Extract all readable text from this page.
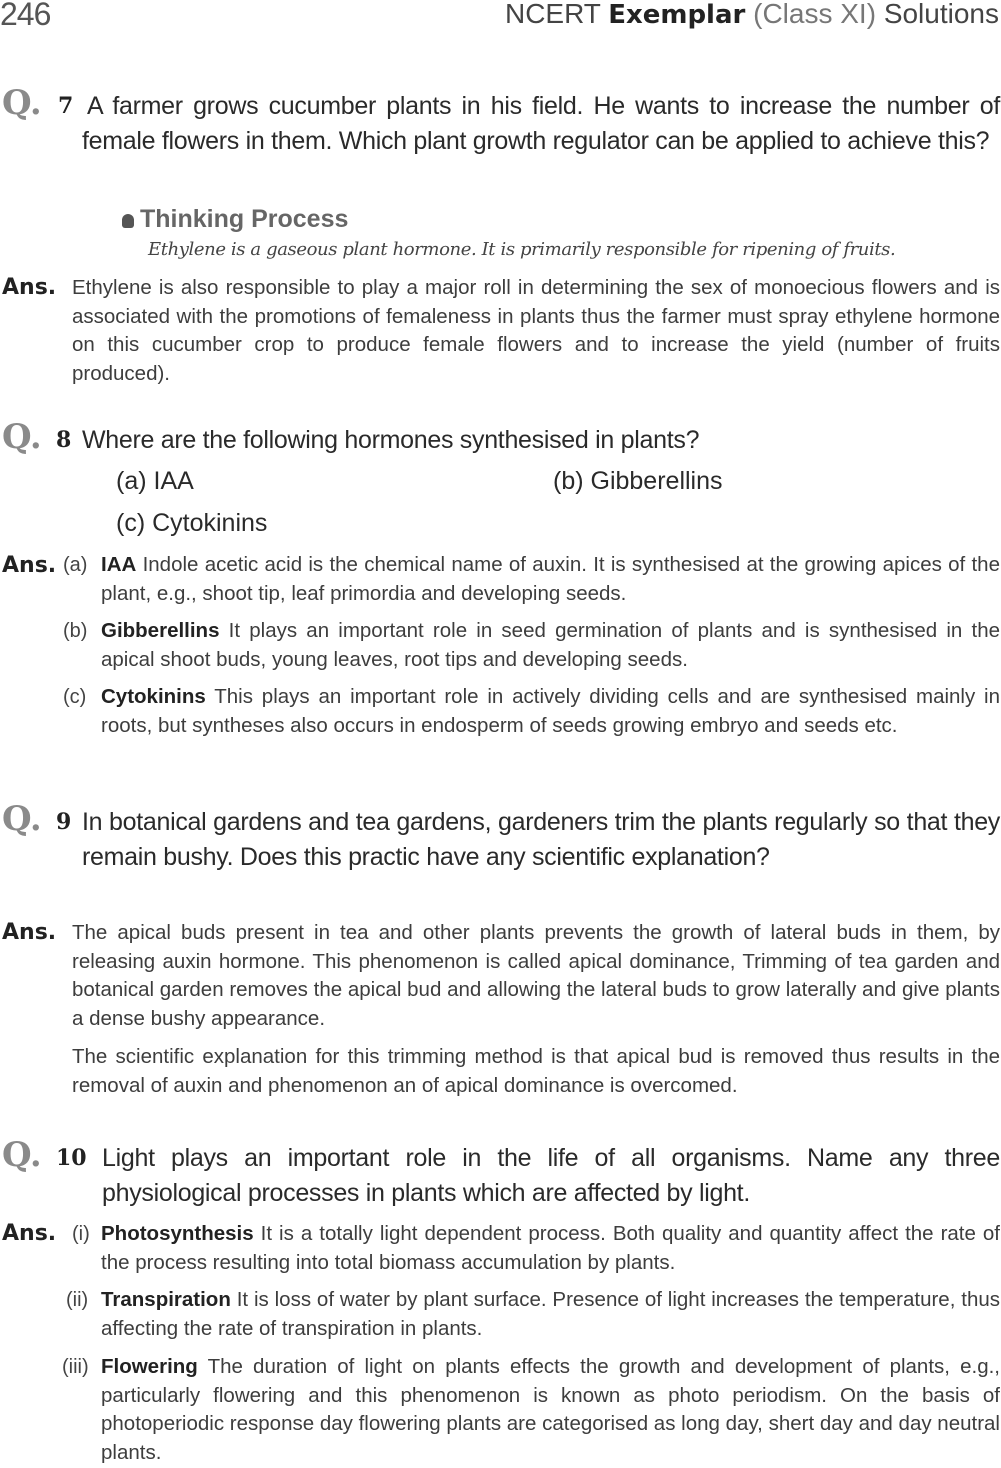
246	NCERT Exemplar (Class XI) Solutions
Q. 7 A farmer grows cucumber plants in his field. He wants to increase the number of female flowers in them. Which plant growth regulator can be applied to achieve this?
Thinking Process
Ethylene is a gaseous plant hormone. It is primarily responsible for ripening of fruits.
Ans. Ethylene is also responsible to play a major roll in determining the sex of monoecious flowers and is associated with the promotions of femaleness in plants thus the farmer must spray ethylene hormone on this cucumber crop to produce female flowers and to increase the yield (number of fruits produced).
Q. 8 Where are the following hormones synthesised in plants?
(a) IAA	(b) Gibberellins
(c) Cytokinins
Ans. (a) IAA Indole acetic acid is the chemical name of auxin. It is synthesised at the growing apices of the plant, e.g., shoot tip, leaf primordia and developing seeds.
(b) Gibberellins It plays an important role in seed germination of plants and is synthesised in the apical shoot buds, young leaves, root tips and developing seeds.
(c) Cytokinins This plays an important role in actively dividing cells and are synthesised mainly in roots, but syntheses also occurs in endosperm of seeds growing embryo and seeds etc.
Q. 9 In botanical gardens and tea gardens, gardeners trim the plants regularly so that they remain bushy. Does this practic have any scientific explanation?
Ans. The apical buds present in tea and other plants prevents the growth of lateral buds in them, by releasing auxin hormone. This phenomenon is called apical dominance, Trimming of tea garden and botanical garden removes the apical bud and allowing the lateral buds to grow laterally and give plants a dense bushy appearance.
The scientific explanation for this trimming method is that apical bud is removed thus results in the removal of auxin and phenomenon an of apical dominance is overcomed.
Q. 10 Light plays an important role in the life of all organisms. Name any three physiological processes in plants which are affected by light.
Ans. (i) Photosynthesis It is a totally light dependent process. Both quality and quantity affect the rate of the process resulting into total biomass accumulation by plants.
(ii) Transpiration It is loss of water by plant surface. Presence of light increases the temperature, thus affecting the rate of transpiration in plants.
(iii) Flowering The duration of light on plants effects the growth and development of plants, e.g., particularly flowering and this phenomenon is known as photo periodism. On the basis of photoperiodic response day flowering plants are categorised as long day, shert day and day neutral plants.
